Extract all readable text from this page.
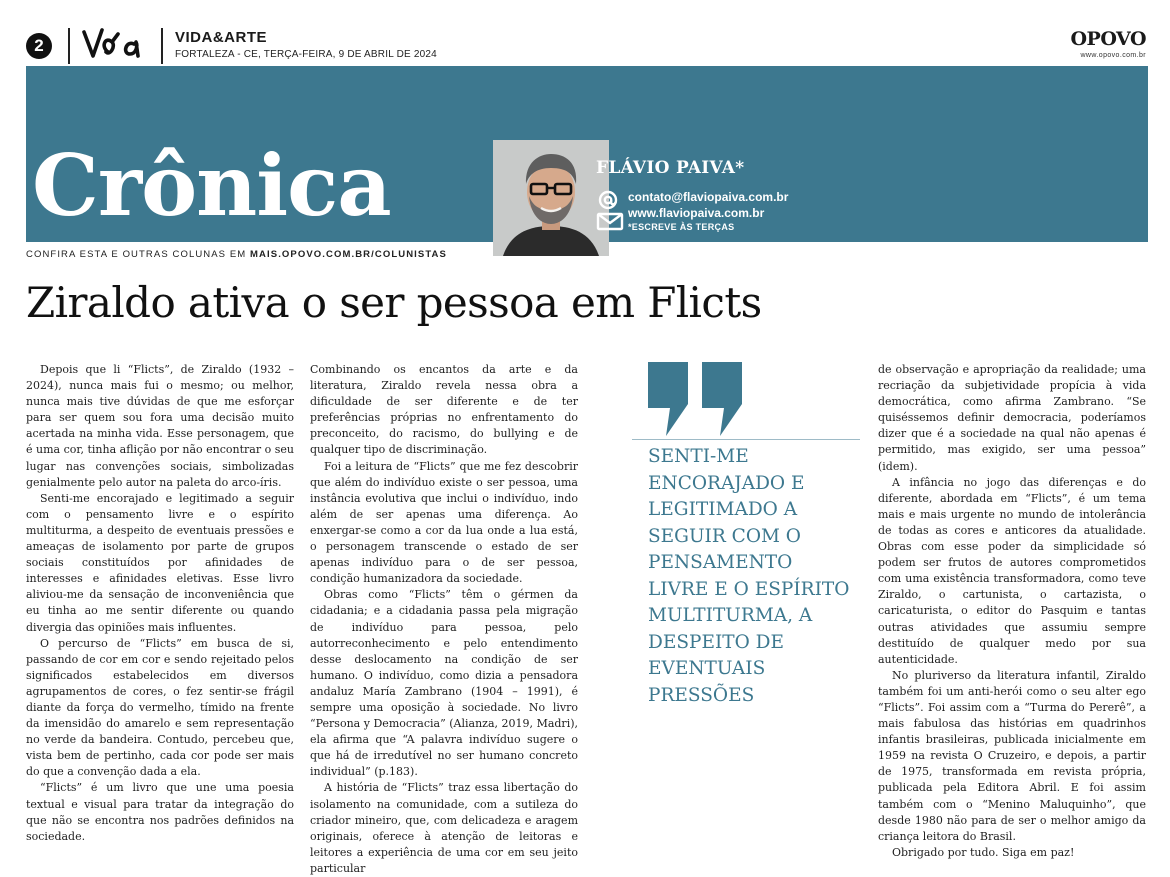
2	VIDA&ARTE
FORTALEZA - CE, TERÇA-FEIRA, 9 DE ABRIL DE 2024
OPOVO
www.opovo.com.br
Crônica	FLÁVIO PAIVA*
contato@flaviopaiva.com.br
www.flaviopaiva.com.br
*ESCREVE ÀS TERÇAS
CONFIRA ESTA E OUTRAS COLUNAS EM MAIS.OPOVO.COM.BR/COLUNISTAS
Ziraldo ativa o ser pessoa em Flicts

Depois que li “Flicts”, de Ziraldo (1932 – 2024), nunca mais fui o mesmo; ou melhor, nunca mais tive dúvidas de que me esforçar para ser quem sou fora uma decisão muito acertada na minha vida. Esse personagem, que é uma cor, tinha aflição por não encontrar o seu lugar nas convenções sociais, simbolizadas genialmente pelo autor na paleta do arco-íris.

Senti-me encorajado e legitimado a seguir com o pensamento livre e o espírito multiturma, a despeito de eventuais pressões e ameaças de isolamento por parte de grupos sociais constituídos por afinidades de interesses e afinidades eletivas. Esse livro aliviou-me da sensação de inconveniência que eu tinha ao me sentir diferente ou quando divergia das opiniões mais influentes.

O percurso de “Flicts” em busca de si, passando de cor em cor e sendo rejeitado pelos significados estabelecidos em diversos agrupamentos de cores, o fez sentir-se frágil diante da força do vermelho, tímido na frente da imensidão do amarelo e sem representação no verde da bandeira. Contudo, percebeu que, vista bem de pertinho, cada cor pode ser mais do que a convenção dada a ela.

“Flicts” é um livro que une uma poesia textual e visual para tratar da integração do que não se encontra nos padrões definidos na sociedade.

Combinando os encantos da arte e da literatura, Ziraldo revela nessa obra a dificuldade de ser diferente e de ter preferências próprias no enfrentamento do preconceito, do racismo, do bullying e de qualquer tipo de discriminação.

Foi a leitura de “Flicts” que me fez descobrir que além do indivíduo existe o ser pessoa, uma instância evolutiva que inclui o indivíduo, indo além de ser apenas uma diferença. Ao enxergar-se como a cor da lua onde a lua está, o personagem transcende o estado de ser apenas indivíduo para o de ser pessoa, condição humanizadora da sociedade.

Obras como “Flicts” têm o gérmen da cidadania; e a cidadania passa pela migração de indivíduo para pessoa, pelo autorreconhecimento e pelo entendimento desse deslocamento na condição de ser humano. O indivíduo, como dizia a pensadora andaluz María Zambrano (1904 – 1991), é sempre uma oposição à sociedade. No livro “Persona y Democracia” (Alianza, 2019, Madri), ela afirma que “A palavra indivíduo sugere o que há de irredutível no ser humano concreto individual” (p.183).

A história de “Flicts” traz essa libertação do isolamento na comunidade, com a sutileza do criador mineiro, que, com delicadeza e aragem originais, oferece à atenção de leitoras e leitores a experiência de uma cor em seu jeito particular

SENTI-ME ENCORAJADO E LEGITIMADO A SEGUIR COM O PENSAMENTO LIVRE E O ESPÍRITO MULTITURMA, A DESPEITO DE EVENTUAIS PRESSÕES

de observação e apropriação da realidade; uma recriação da subjetividade propícia à vida democrática, como afirma Zambrano. “Se quiséssemos definir democracia, poderíamos dizer que é a sociedade na qual não apenas é permitido, mas exigido, ser uma pessoa” (idem).

A infância no jogo das diferenças e do diferente, abordada em “Flicts”, é um tema mais e mais urgente no mundo de intolerância de todas as cores e anticores da atualidade. Obras com esse poder da simplicidade só podem ser frutos de autores comprometidos com uma existência transformadora, como teve Ziraldo, o cartunista, o cartazista, o caricaturista, o editor do Pasquim e tantas outras atividades que assumiu sempre destituído de qualquer medo por sua autenticidade.

No pluriverso da literatura infantil, Ziraldo também foi um anti-herói como o seu alter ego “Flicts”. Foi assim com a “Turma do Pererê”, a mais fabulosa das histórias em quadrinhos infantis brasileiras, publicada inicialmente em 1959 na revista O Cruzeiro, e depois, a partir de 1975, transformada em revista própria, publicada pela Editora Abril. E foi assim também com o “Menino Maluquinho”, que desde 1980 não para de ser o melhor amigo da criança leitora do Brasil.

Obrigado por tudo. Siga em paz!
